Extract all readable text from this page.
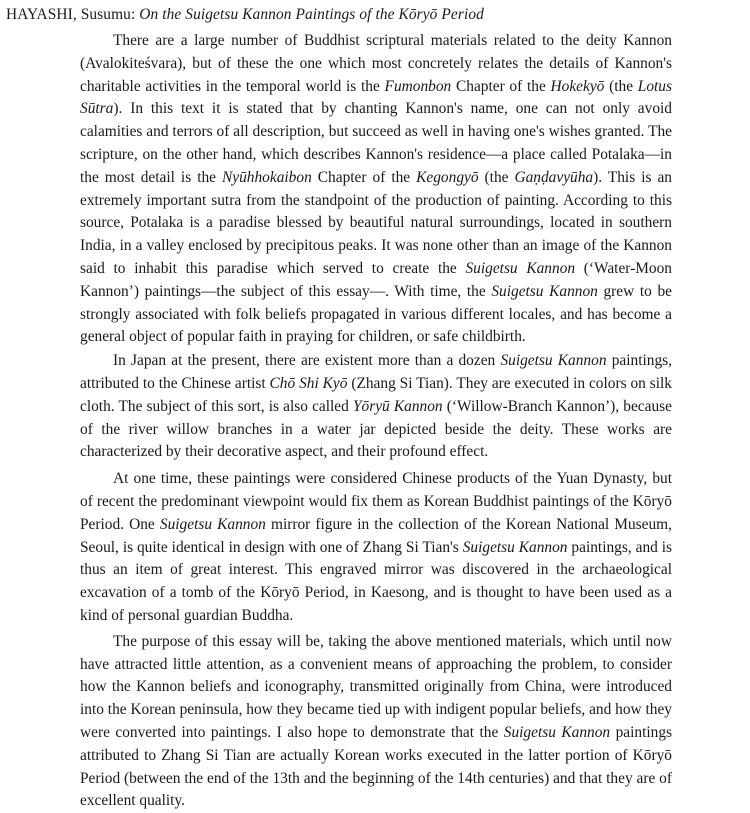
HAYASHI, Susumu: On the Suigetsu Kannon Paintings of the Kōryō Period

There are a large number of Buddhist scriptural materials related to the deity Kannon (Avalokiteśvara), but of these the one which most concretely relates the details of Kannon's charitable activities in the temporal world is the Fumonbon Chapter of the Hokekyō (the Lotus Sūtra). In this text it is stated that by chanting Kannon's name, one can not only avoid calamities and terrors of all description, but succeed as well in having one's wishes granted. The scripture, on the other hand, which describes Kannon's residence—a place called Potalaka—in the most detail is the Nyūhhokaibon Chapter of the Kegongyō (the Gaṇḍavyūha). This is an extremely important sutra from the standpoint of the production of painting. According to this source, Potalaka is a paradise blessed by beautiful natural surroundings, located in southern India, in a valley enclosed by precipitous peaks. It was none other than an image of the Kannon said to inhabit this paradise which served to create the Suigetsu Kannon (‘Water-Moon Kannon’) paintings—the subject of this essay—. With time, the Suigetsu Kannon grew to be strongly associated with folk beliefs propagated in various different locales, and has become a general object of popular faith in praying for children, or safe childbirth.

In Japan at the present, there are existent more than a dozen Suigetsu Kannon paintings, attributed to the Chinese artist Chō Shi Kyō (Zhang Si Tian). They are executed in colors on silk cloth. The subject of this sort, is also called Yōryū Kannon (‘Willow-Branch Kannon’), because of the river willow branches in a water jar depicted beside the deity. These works are characterized by their decorative aspect, and their profound effect.

At one time, these paintings were considered Chinese products of the Yuan Dynasty, but of recent the predominant viewpoint would fix them as Korean Buddhist paintings of the Kōryō Period. One Suigetsu Kannon mirror figure in the collection of the Korean National Museum, Seoul, is quite identical in design with one of Zhang Si Tian's Suigetsu Kannon paintings, and is thus an item of great interest. This engraved mirror was discovered in the archaeological excavation of a tomb of the Kōryō Period, in Kaesong, and is thought to have been used as a kind of personal guardian Buddha.

The purpose of this essay will be, taking the above mentioned materials, which until now have attracted little attention, as a convenient means of approaching the problem, to consider how the Kannon beliefs and iconography, transmitted originally from China, were introduced into the Korean peninsula, how they became tied up with indigent popular beliefs, and how they were converted into paintings. I also hope to demonstrate that the Suigetsu Kannon paintings attributed to Zhang Si Tian are actually Korean works executed in the latter portion of Kōryō Period (between the end of the 13th and the beginning of the 14th centuries) and that they are of excellent quality.
